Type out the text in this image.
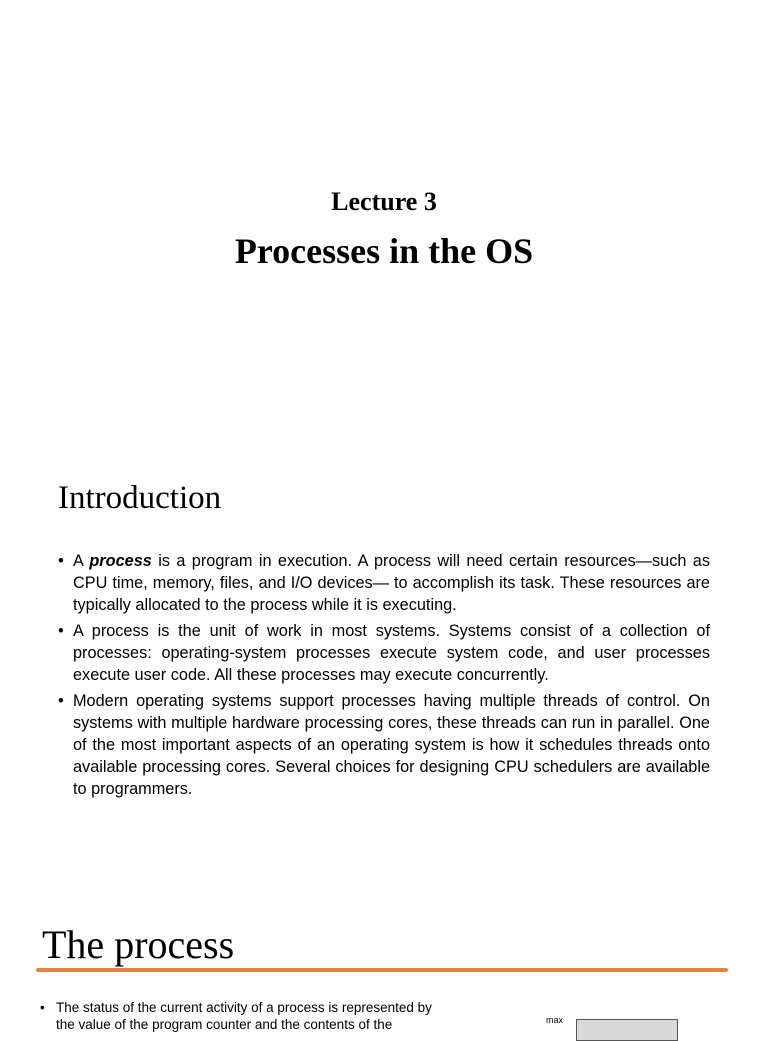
Lecture 3
Processes in the OS
Introduction
• A process is a program in execution. A process will need certain resources—such as CPU time, memory, files, and I/O devices— to accomplish its task. These resources are typically allocated to the process while it is executing.
• A process is the unit of work in most systems. Systems consist of a collection of processes: operating-system processes execute system code, and user processes execute user code. All these processes may execute concurrently.
• Modern operating systems support processes having multiple threads of control. On systems with multiple hardware processing cores, these threads can run in parallel. One of the most important aspects of an operating system is how it schedules threads onto available processing cores. Several choices for designing CPU schedulers are available to programmers.
The process
• The status of the current activity of a process is represented by the value of the program counter and the contents of the	max
